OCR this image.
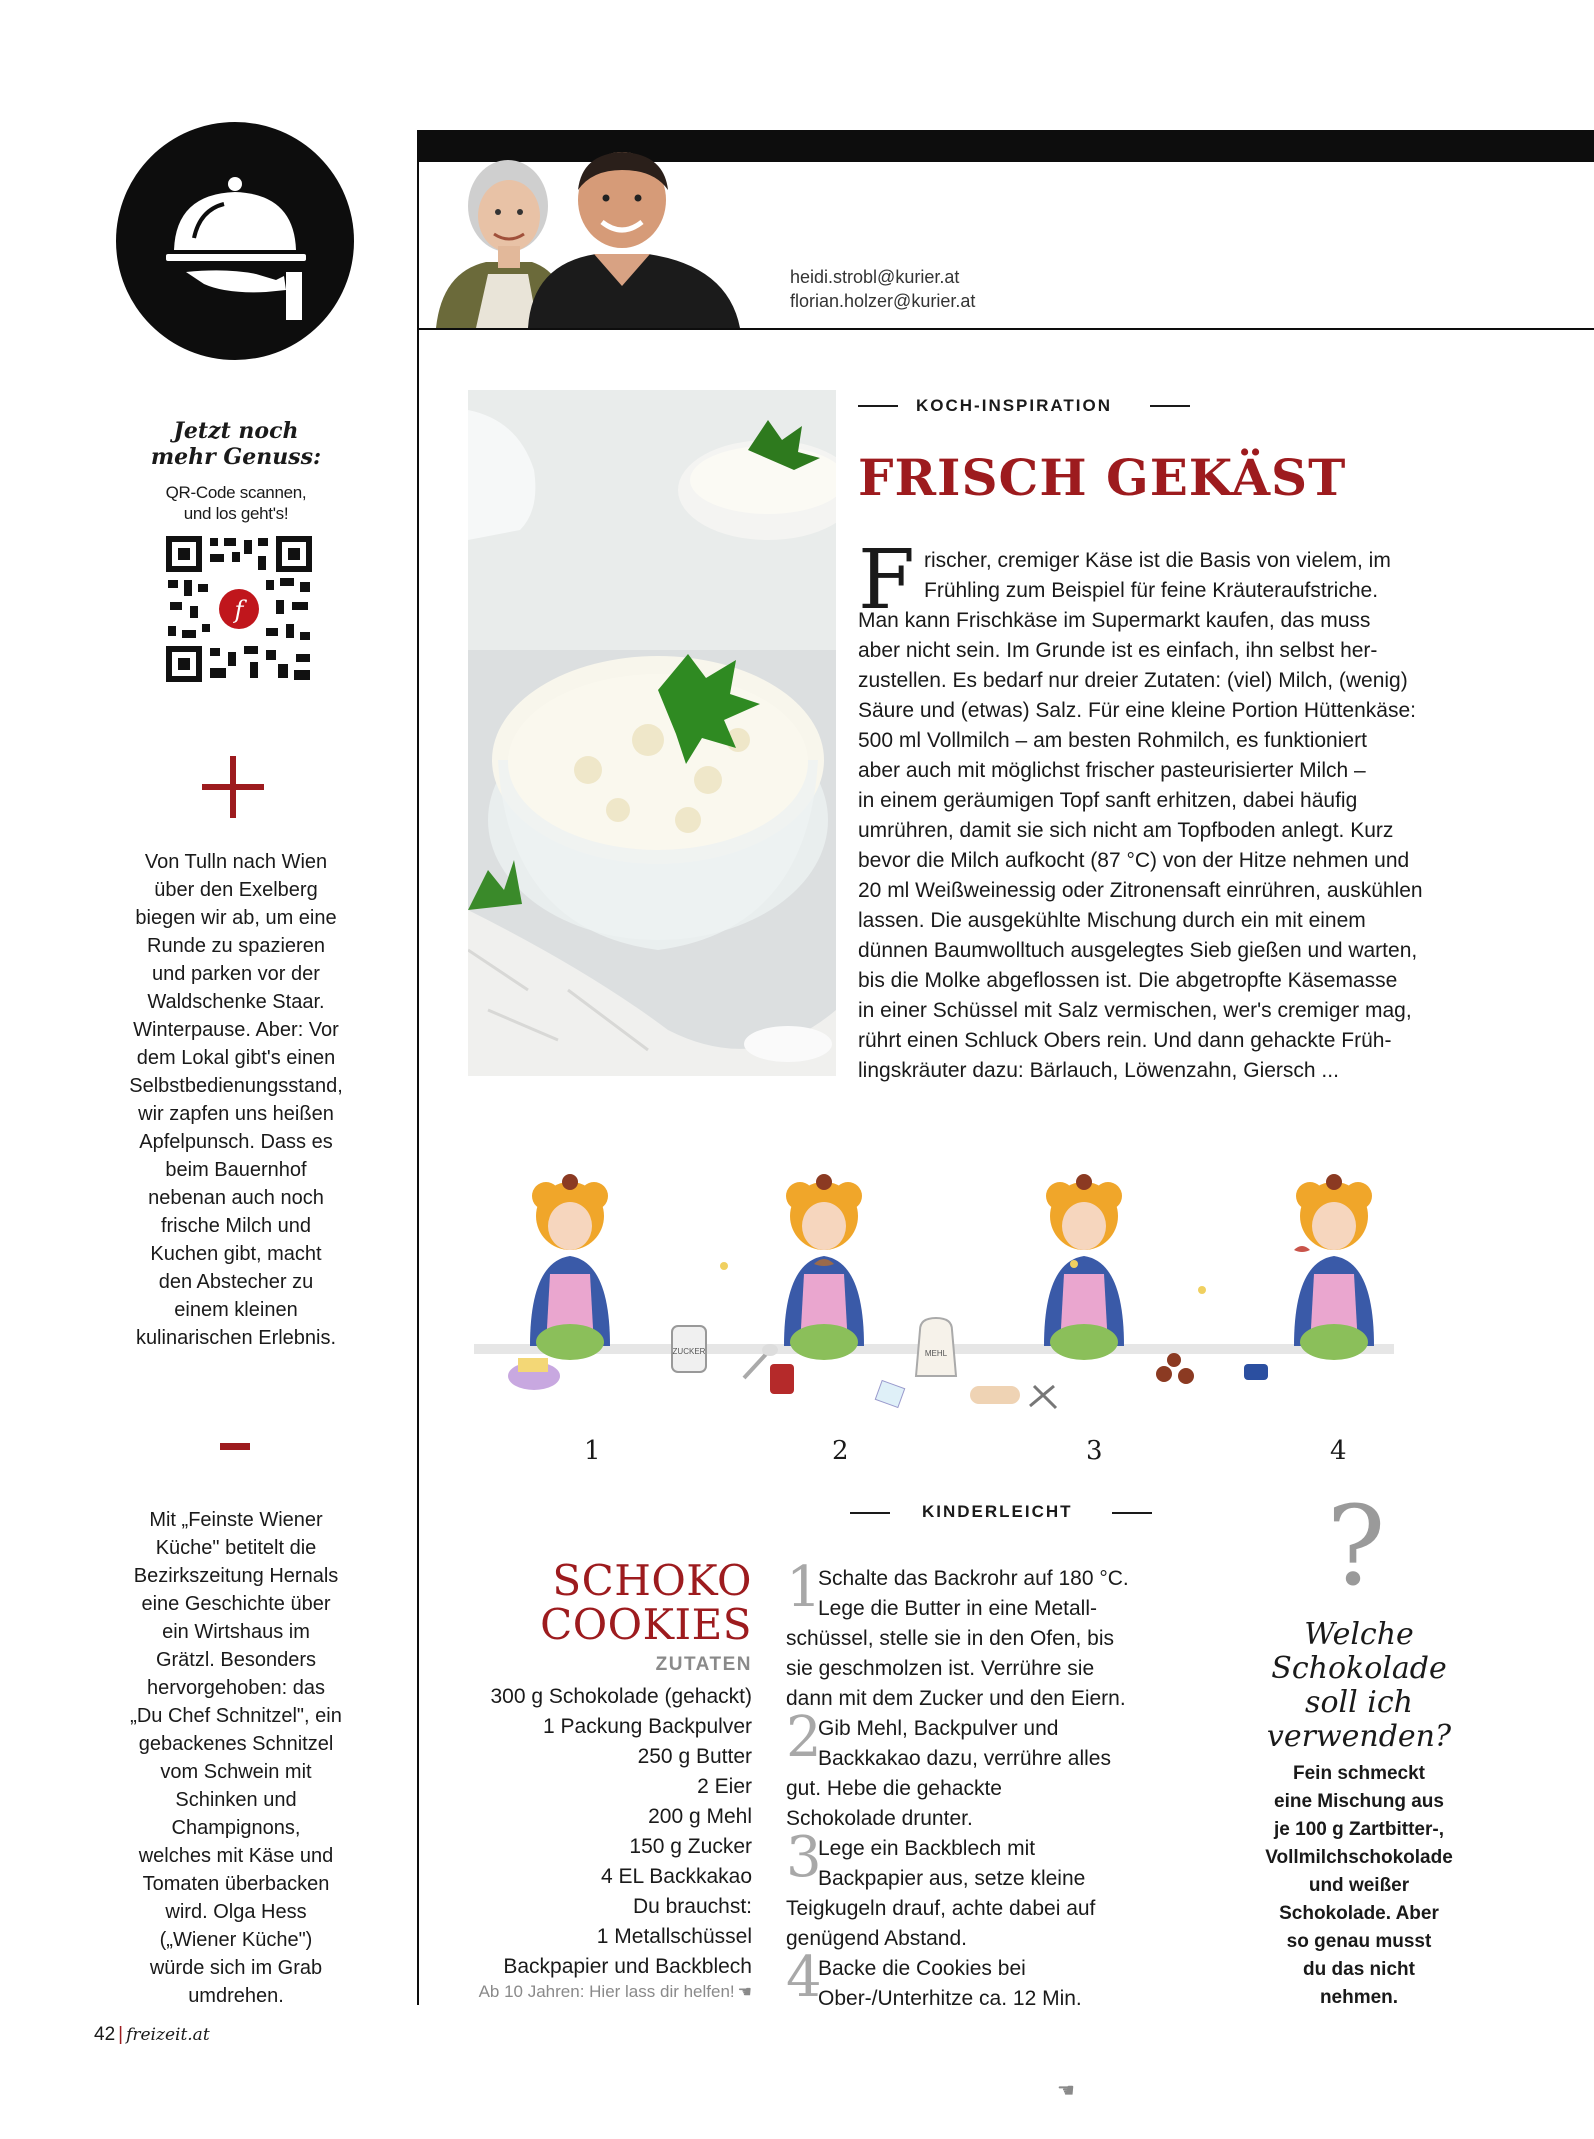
Jetzt noch
mehr Genuss:
QR-Code scannen,
und los geht's!
f
Von Tulln nach Wien
über den Exelberg
biegen wir ab, um eine
Runde zu spazieren
und parken vor der
Waldschenke Staar.
Winterpause. Aber: Vor
dem Lokal gibt's einen
Selbstbedienungsstand,
wir zapfen uns heißen
Apfelpunsch. Dass es
beim Bauernhof
nebenan auch noch
frische Milch und
Kuchen gibt, macht
den Abstecher zu
einem kleinen
kulinarischen Erlebnis.
Mit „Feinste Wiener
Küche" betitelt die
Bezirkszeitung Hernals
eine Geschichte über
ein Wirtshaus im
Grätzl. Besonders
hervorgehoben: das
„Du Chef Schnitzel", ein
gebackenes Schnitzel
vom Schwein mit
Schinken und
Champignons,
welches mit Käse und
Tomaten überbacken
wird. Olga Hess
(„Wiener Küche")
würde sich im Grab
umdrehen.
heidi.strobl@kurier.at
florian.holzer@kurier.at
KOCH-INSPIRATION
FRISCH GEKÄST
F rischer, cremiger Käse ist die Basis von vielem, im
Frühling zum Beispiel für feine Kräuteraufstriche.
Man kann Frischkäse im Supermarkt kaufen, das muss
aber nicht sein. Im Grunde ist es einfach, ihn selbst her-
zustellen. Es bedarf nur dreier Zutaten: (viel) Milch, (wenig)
Säure und (etwas) Salz. Für eine kleine Portion Hüttenkäse:
500 ml Vollmilch – am besten Rohmilch, es funktioniert
aber auch mit möglichst frischer pasteurisierter Milch –
in einem geräumigen Topf sanft erhitzen, dabei häufig
umrühren, damit sie sich nicht am Topfboden anlegt. Kurz
bevor die Milch aufkocht (87 °C) von der Hitze nehmen und
20 ml Weißweinessig oder Zitronensaft einrühren, auskühlen
lassen. Die ausgekühlte Mischung durch ein mit einem
dünnen Baumwolltuch ausgelegtes Sieb gießen und warten,
bis die Molke abgeflossen ist. Die abgetropfte Käsemasse
in einer Schüssel mit Salz vermischen, wer's cremiger mag,
rührt einen Schluck Obers rein. Und dann gehackte Früh-
lingskräuter dazu: Bärlauch, Löwenzahn, Giersch ...
ZUCKER	MEHL
1	2	3	4
KINDERLEICHT
SCHOKO
COOKIES
ZUTATEN
300 g Schokolade (gehackt)
1 Packung Backpulver
250 g Butter
2 Eier
200 g Mehl
150 g Zucker
4 EL Backkakao
Du brauchst:
1 Metallschüssel
Backpapier und Backblech
Ab 10 Jahren: Hier lass dir helfen! ☚
1
Schalte das Backrohr auf 180 °C.
Lege die Butter in eine Metall-
schüssel, stelle sie in den Ofen, bis
sie geschmolzen ist. Verrühre sie
dann mit dem Zucker und den Eiern.
2
Gib Mehl, Backpulver und
Backkakao dazu, verrühre alles
gut. Hebe die gehackte
Schokolade drunter.
3
Lege ein Backblech mit
Backpapier aus, setze kleine
Teigkugeln drauf, achte dabei auf
genügend Abstand.
4
Backe die Cookies bei
Ober-/Unterhitze ca. 12 Min.
☚
?
Welche
Schokolade
soll ich
verwenden?
Fein schmeckt
eine Mischung aus
je 100 g Zartbitter-,
Vollmilchschokolade
und weißer
Schokolade. Aber
so genau musst
du das nicht
nehmen.
42 | freizeit.at
